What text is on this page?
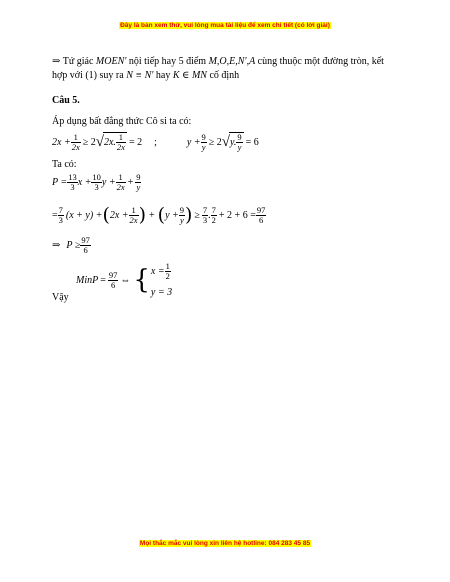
Đây là bản xem thử, vui lòng mua tài liệu để xem chi tiết (có lời giải)
⇒ Tứ giác MOEN' nội tiếp hay 5 điểm M,O,E,N',A cùng thuộc một đường tròn, kết
hợp với (1) suy ra N ≡ N' hay K ∈ MN cố định
Câu 5.
Áp dụng bất đẳng thức Cô si ta có:
$2x + \frac{1}{2x} \ge 2$ √ 2x. $\frac{1}{2x} = 2$ ;	$y + \frac{9}{y} \ge 2$ √ y. $\frac{9}{y} = 6$
Ta có:
$P = \frac{13}{3}$ $x + \frac{10}{3}$ $y + \frac{1}{2x} + \frac{9}{y}$
= $\frac{7}{3} (x + y)$ + ( $2x + \frac{1}{2x}$ ) + ( $y + \frac{9}{y}$ ) ≥ $\frac{7}{3}$ . $\frac{7}{2} + 2 + 6 = \frac{97}{6}$
⇒ $P \ge \frac{97}{6}$
MinP = $\frac{97}{6}$ ⇔ { $x = \frac{1}{2}$
y = 3
Vậy
Mọi thắc mắc vui lòng xin liên hệ hotline: 084 283 45 85
